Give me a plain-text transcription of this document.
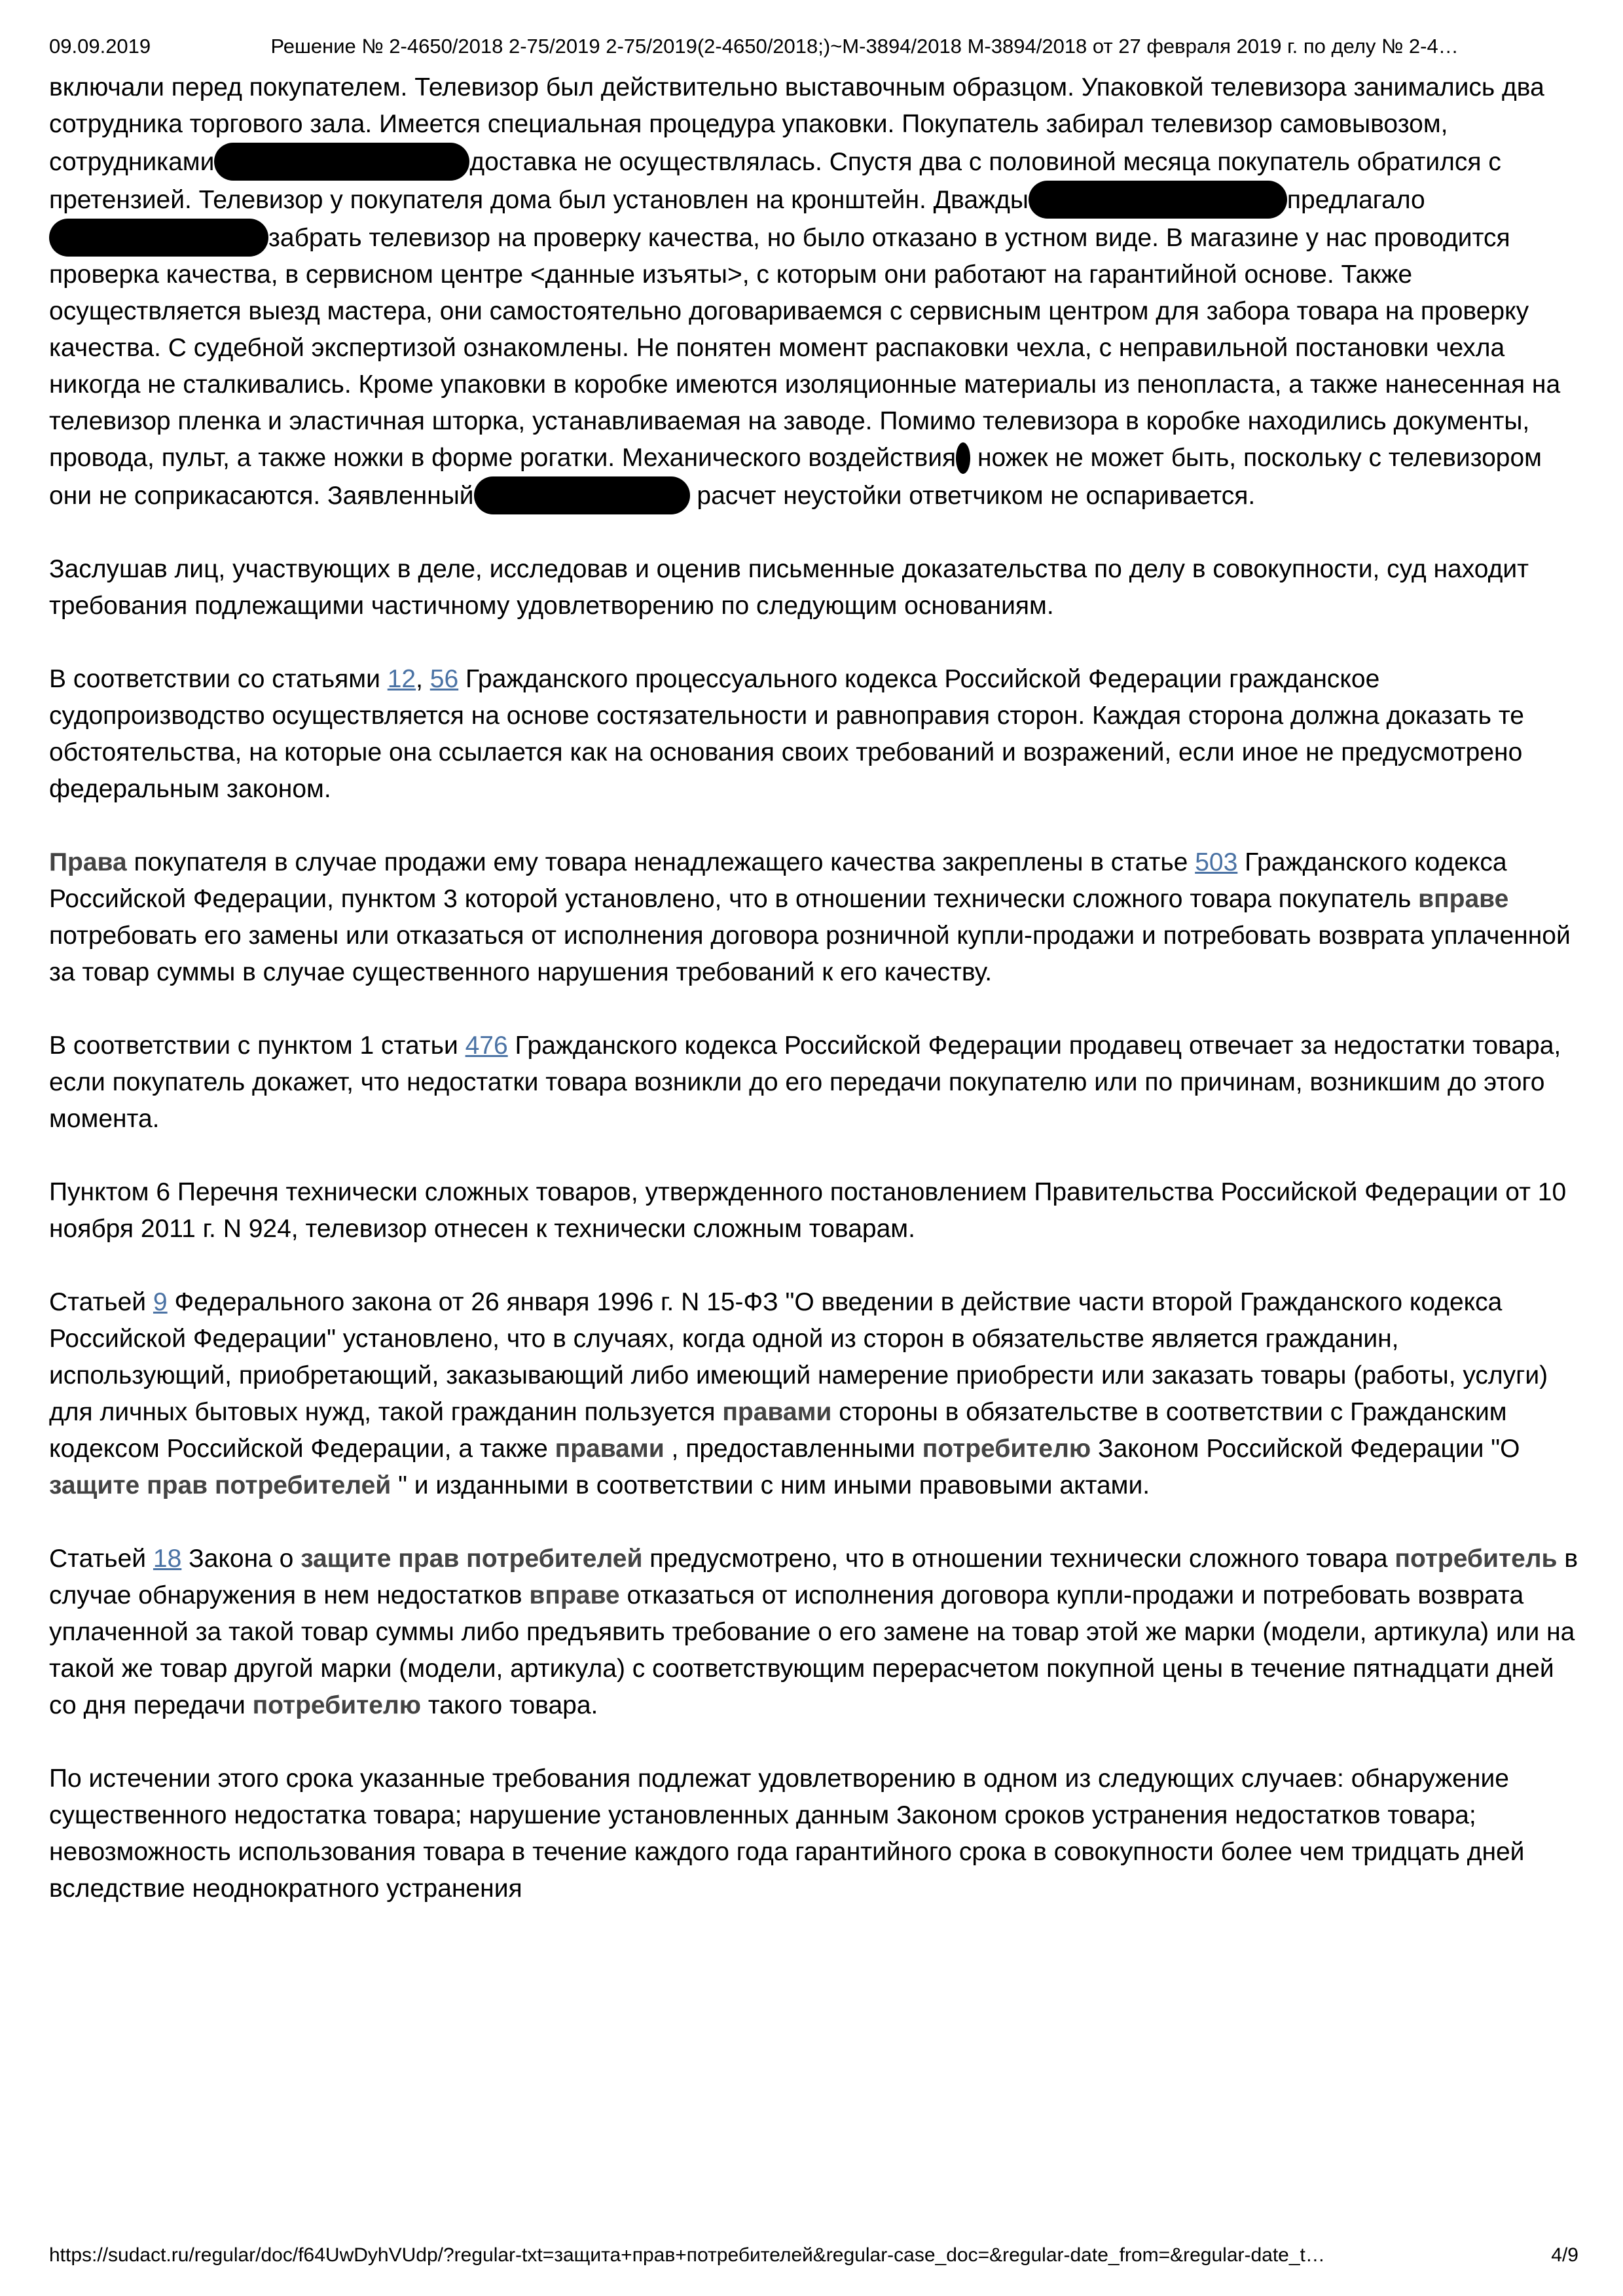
09.09.2019	Решение № 2-4650/2018 2-75/2019 2-75/2019(2-4650/2018;)~М-3894/2018 М-3894/2018 от 27 февраля 2019 г. по делу № 2-4…

включали перед покупателем. Телевизор был действительно выставочным образцом. Упаковкой телевизора занимались два сотрудника торгового зала. Имеется специальная процедура упаковки. Покупатель забирал телевизор самовывозом, сотрудниками	доставка не осуществлялась. Спустя два с половиной месяца покупатель обратился с претензией. Телевизор у покупателя дома был установлен на кронштейн. Дважды	предлагалозабрать телевизор на проверку качества, но было отказано в устном виде. В магазине у нас проводится проверка качества, в сервисном центре <данные изъяты>, с которым они работают на гарантийной основе. Также осуществляется выезд мастера, они самостоятельно договариваемся с сервисным центром для забора товара на проверку качества. С судебной экспертизой ознакомлены. Не понятен момент распаковки чехла, с неправильной постановки чехла никогда не сталкивались. Кроме упаковки в коробке имеются изоляционные материалы из пенопласта, а также нанесенная на телевизор пленка и эластичная шторка, устанавливаемая на заводе. Помимо телевизора в коробке находились документы, провода, пульт, а также ножки в форме рогатки. Механического воздействия ножек не может быть, поскольку с телевизором они не соприкасаются. Заявленный	расчет неустойки ответчиком не оспаривается.

Заслушав лиц, участвующих в деле, исследовав и оценив письменные доказательства по делу в совокупности, суд находит требования подлежащими частичному удовлетворению по следующим основаниям.

В соответствии со статьями 12, 56 Гражданского процессуального кодекса Российской Федерации гражданское судопроизводство осуществляется на основе состязательности и равноправия сторон. Каждая сторона должна доказать те обстоятельства, на которые она ссылается как на основания своих требований и возражений, если иное не предусмотрено федеральным законом.

Права покупателя в случае продажи ему товара ненадлежащего качества закреплены в статье 503 Гражданского кодекса Российской Федерации, пунктом 3 которой установлено, что в отношении технически сложного товара покупатель вправе потребовать его замены или отказаться от исполнения договора розничной купли-продажи и потребовать возврата уплаченной за товар суммы в случае существенного нарушения требований к его качеству.

В соответствии с пунктом 1 статьи 476 Гражданского кодекса Российской Федерации продавец отвечает за недостатки товара, если покупатель докажет, что недостатки товара возникли до его передачи покупателю или по причинам, возникшим до этого момента.

Пунктом 6 Перечня технически сложных товаров, утвержденного постановлением Правительства Российской Федерации от 10 ноября 2011 г. N 924, телевизор отнесен к технически сложным товарам.

Статьей 9 Федерального закона от 26 января 1996 г. N 15-ФЗ "О введении в действие части второй Гражданского кодекса Российской Федерации" установлено, что в случаях, когда одной из сторон в обязательстве является гражданин, использующий, приобретающий, заказывающий либо имеющий намерение приобрести или заказать товары (работы, услуги) для личных бытовых нужд, такой гражданин пользуется правами стороны в обязательстве в соответствии с Гражданским кодексом Российской Федерации, а также правами , предоставленными потребителю Законом Российской Федерации "О защите прав потребителей " и изданными в соответствии с ним иными правовыми актами.

Статьей 18 Закона о защите прав потребителей предусмотрено, что в отношении технически сложного товара потребитель в случае обнаружения в нем недостатков вправе отказаться от исполнения договора купли-продажи и потребовать возврата уплаченной за такой товар суммы либо предъявить требование о его замене на товар этой же марки (модели, артикула) или на такой же товар другой марки (модели, артикула) с соответствующим перерасчетом покупной цены в течение пятнадцати дней со дня передачи потребителю такого товара.

По истечении этого срока указанные требования подлежат удовлетворению в одном из следующих случаев: обнаружение существенного недостатка товара; нарушение установленных данным Законом сроков устранения недостатков товара; невозможность использования товара в течение каждого года гарантийного срока в совокупности более чем тридцать дней вследствие неоднократного устранения

https://sudact.ru/regular/doc/f64UwDyhVUdp/?regular-txt=защита+прав+потребителей&regular-case_doc=&regular-date_from=&regular-date_t…	4/9
